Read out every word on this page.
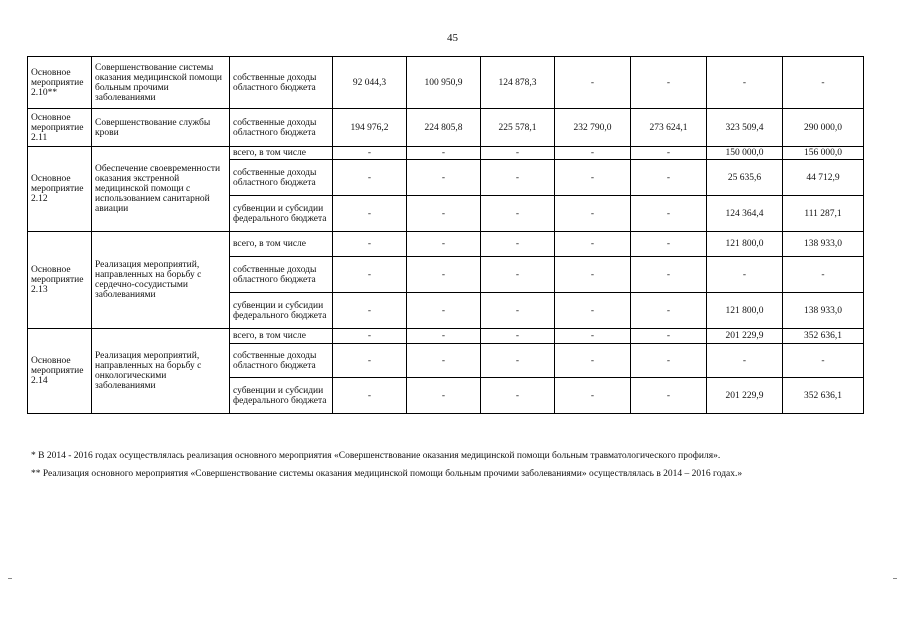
45
Основное мероприятие 2.10**	Совершенствование системы оказания медицинской помощи больным прочими заболеваниями	собственные доходы областного бюджета	92 044,3	100 950,9	124 878,3	-	-	-	-
Основное мероприятие 2.11	Совершенствование службы крови	собственные доходы областного бюджета	194 976,2	224 805,8	225 578,1	232 790,0	273 624,1	323 509,4	290 000,0
Основное мероприятие 2.12	Обеспечение своевременности оказания экстренной медицинской помощи с использованием санитарной авиации	всего, в том числе	-	-	-	-	-	150 000,0	156 000,0
		собственные доходы областного бюджета	-	-	-	-	-	25 635,6	44 712,9
		субвенции и субсидии федерального бюджета	-	-	-	-	-	124 364,4	111 287,1
Основное мероприятие 2.13	Реализация мероприятий, направленных на борьбу с сердечно-сосудистыми заболеваниями	всего, в том числе	-	-	-	-	-	121 800,0	138 933,0
		собственные доходы областного бюджета	-	-	-	-	-	-	-
		субвенции и субсидии федерального бюджета	-	-	-	-	-	121 800,0	138 933,0
Основное мероприятие 2.14	Реализация мероприятий, направленных на борьбу с онкологическими заболеваниями	всего, в том числе	-	-	-	-	-	201 229,9	352 636,1
		собственные доходы областного бюджета	-	-	-	-	-	-	-
		субвенции и субсидии федерального бюджета	-	-	-	-	-	201 229,9	352 636,1

* В 2014 - 2016 годах осуществлялась реализация основного мероприятия «Совершенствование оказания медицинской помощи больным травматологического профиля».

** Реализация основного мероприятия «Совершенствование системы оказания медицинской помощи больным прочими заболеваниями» осуществлялась в 2014 – 2016 годах.»
